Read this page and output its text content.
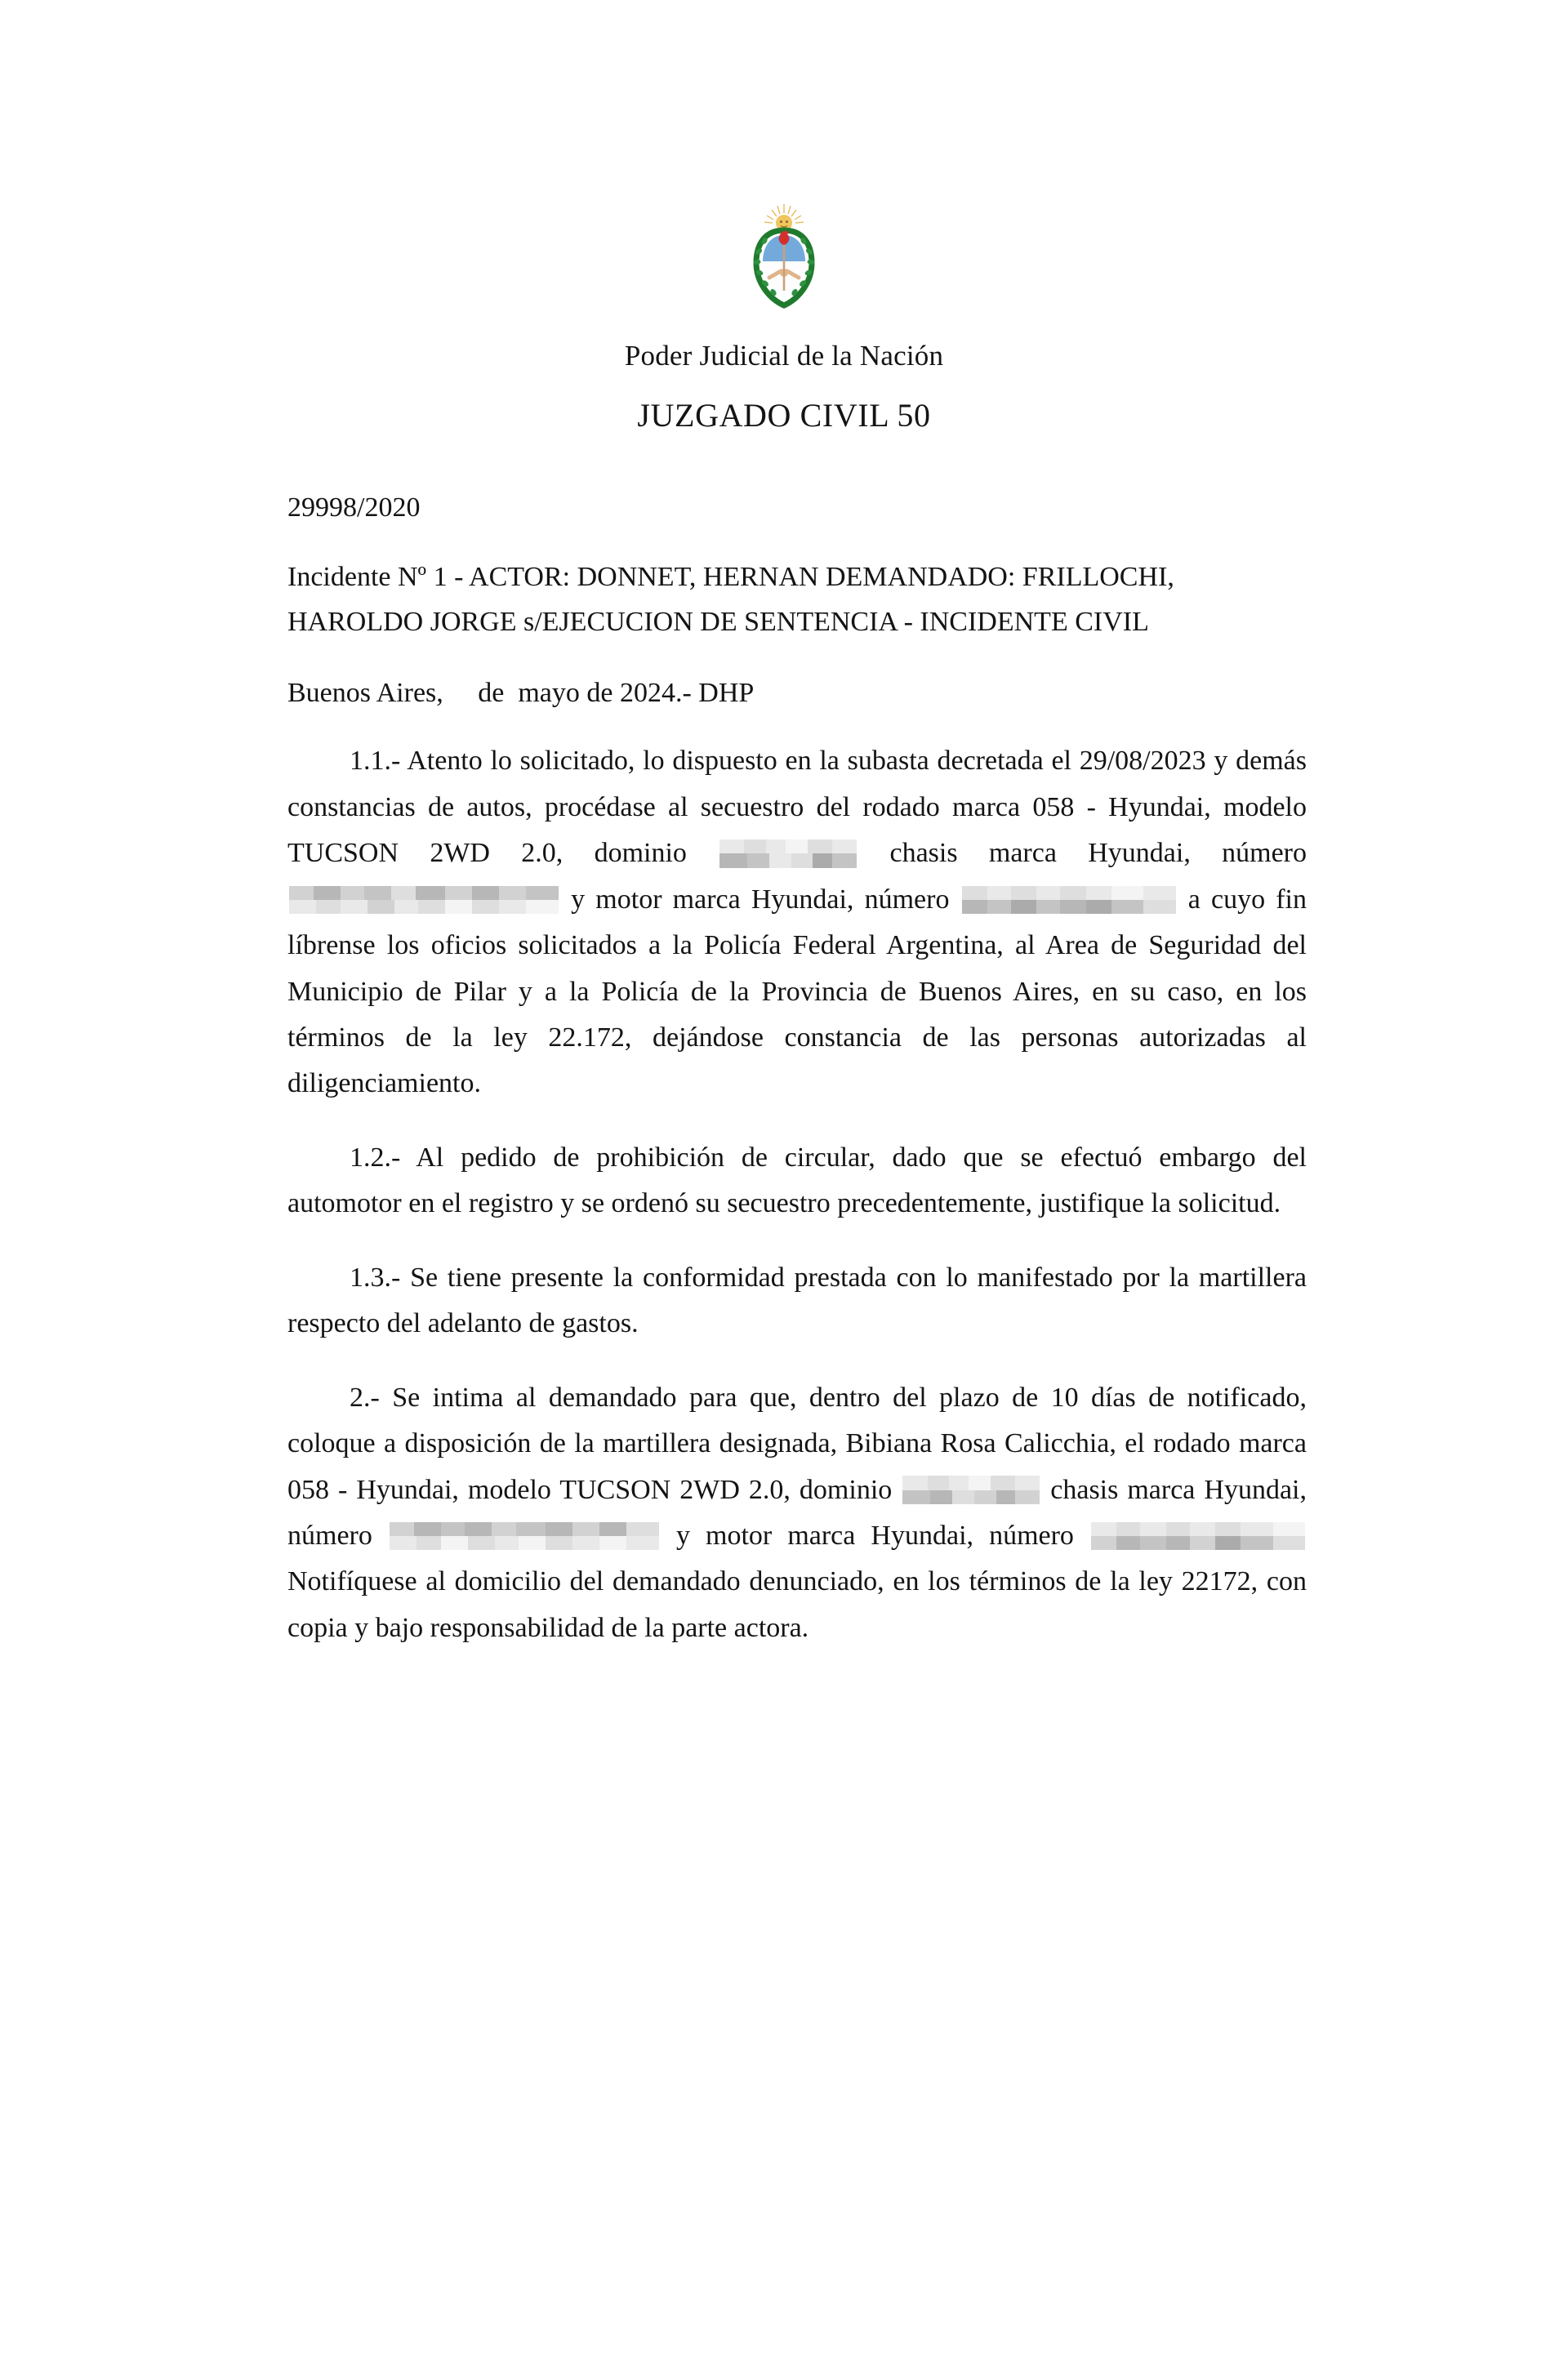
Poder Judicial de la Nación
JUZGADO CIVIL 50
29998/2020
Incidente Nº 1 - ACTOR: DONNET, HERNAN DEMANDADO: FRILLOCHI, HAROLDO JORGE s/EJECUCION DE SENTENCIA - INCIDENTE CIVIL
Buenos Aires,     de  mayo de 2024.- DHP

1.1.- Atento lo solicitado, lo dispuesto en la subasta decretada el 29/08/2023 y demás constancias de autos, procédase al secuestro del rodado marca 058 - Hyundai, modelo TUCSON 2WD 2.0, dominio	chasis marca Hyundai, número
y motor marca Hyundai, número	a cuyo fin líbrense los oficios solicitados a la Policía Federal Argentina, al Area de Seguridad del Municipio de Pilar y a la Policía de la Provincia de Buenos Aires, en su caso, en los términos de la ley 22.172, dejándose constancia de las personas autorizadas al diligenciamiento.

1.2.- Al pedido de prohibición de circular, dado que se efectuó embargo del automotor en el registro y se ordenó su secuestro precedentemente, justifique la solicitud.

1.3.- Se tiene presente la conformidad prestada con lo manifestado por la martillera respecto del adelanto de gastos.

2.- Se intima al demandado para que, dentro del plazo de 10 días de notificado, coloque a disposición de la martillera designada, Bibiana Rosa Calicchia, el rodado marca 058 - Hyundai, modelo TUCSON 2WD 2.0, dominio	chasis marca Hyundai, número	y motor marca Hyundai, número
Notifíquese al domicilio del demandado denunciado, en los términos de la ley 22172, con copia y bajo responsabilidad de la parte actora.
